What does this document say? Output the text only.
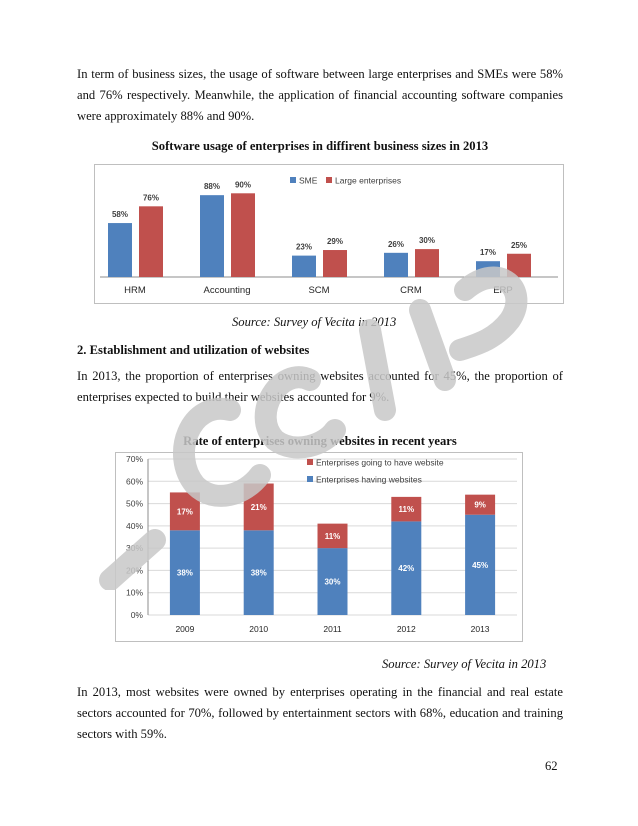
In term of business sizes, the usage of software between large enterprises and SMEs were 58% and 76% respectively. Meanwhile, the application of financial accounting software companies were approximately 88% and 90%.

Software usage of enterprises in diffirent business sizes in 2013

58%
76%
HRM
88% 90%
Accounting
23%
29%
SCM
26% 30%
CRM
17%
25%
ERP
SME Large enterprises

Source: Survey of Vecita in 2013

2. Establishment and utilization of websites

In 2013, the proportion of enterprises owning websites accounted for 45%, the proportion of enterprises expected to build their websites accounted for 9%.

Rate of enterprises owning websites in recent years

0%
10%
20%
30%
40%
50%
60%
70%
38%
17%
2009
38%
21%
2010
30%
11%
2011
42%
11%
2012
45%
9%
2013
Enterprises going to have website
Enterprises having websites

Source: Survey of Vecita in 2013

In 2013, most websites were owned by enterprises operating in the financial and real estate sectors accounted for 70%, followed by entertainment sectors with 68%, education and training sectors with 59%.

62
